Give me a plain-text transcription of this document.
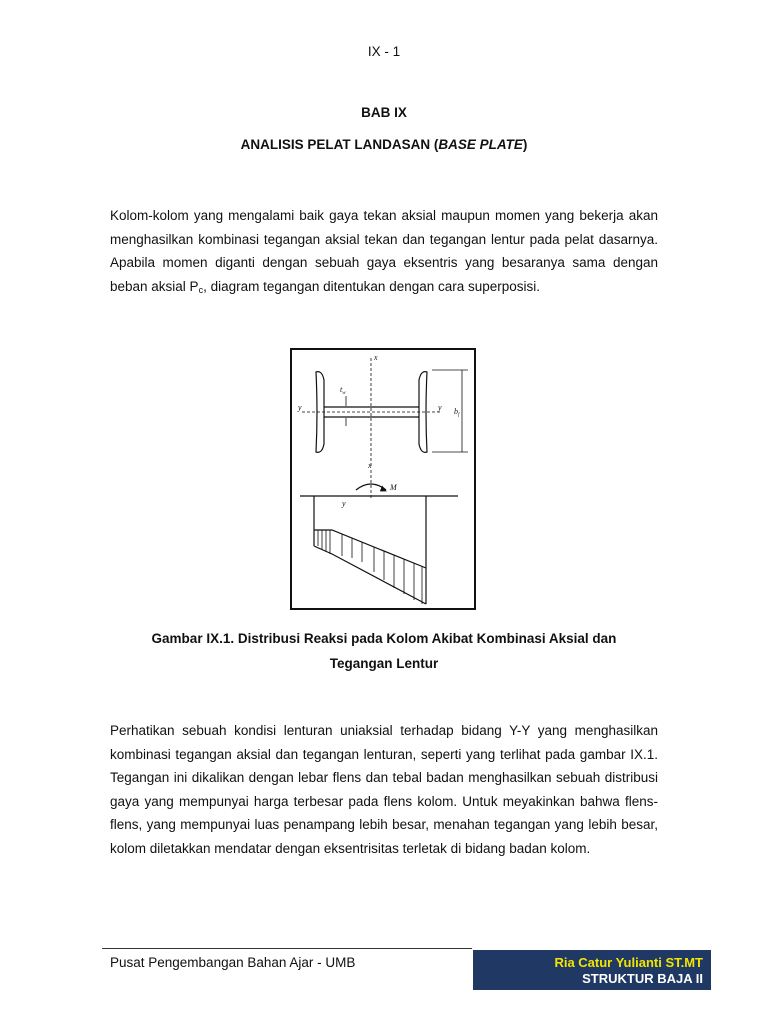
IX - 1
BAB IX
ANALISIS PELAT LANDASAN (BASE PLATE)

Kolom-kolom yang mengalami baik gaya tekan aksial maupun momen yang bekerja akan menghasilkan kombinasi tegangan aksial tekan dan tegangan lentur pada pelat dasarnya. Apabila momen diganti dengan sebuah gaya eksentris yang besaranya sama dengan beban aksial $P_c$, diagram tegangan ditentukan dengan cara superposisi.

x
y	y
$t_w$
$b_f$
x
M
y
Gambar IX.1. Distribusi Reaksi pada Kolom Akibat Kombinasi Aksial dan
Tegangan Lentur

Perhatikan sebuah kondisi lenturan uniaksial terhadap bidang Y-Y yang menghasilkan kombinasi tegangan aksial dan tegangan lenturan, seperti yang terlihat pada gambar IX.1. Tegangan ini dikalikan dengan lebar flens dan tebal badan menghasilkan sebuah distribusi gaya yang mempunyai harga terbesar pada flens kolom. Untuk meyakinkan bahwa flens-flens, yang mempunyai luas penampang lebih besar, menahan tegangan yang lebih besar, kolom diletakkan mendatar dengan eksentrisitas terletak di bidang badan kolom.

Pusat Pengembangan Bahan Ajar - UMB	Ria Catur Yulianti ST.MT
STRUKTUR BAJA II
